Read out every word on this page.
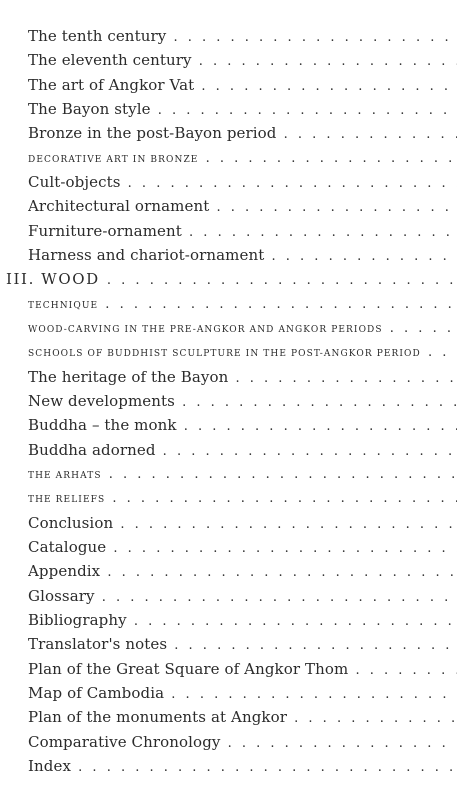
The tenth century . . .
The eleventh century . . .
The art of Angkor Vat . . .
The Bayon style . . .
Bronze in the post-Bayon period . . .
DECORATIVE ART IN BRONZE . . .
Cult-objects . . .
Architectural ornament . . .
Furniture-ornament . . .
Harness and chariot-ornament . . .
III. WOOD . . .
TECHNIQUE . . .
WOOD-CARVING IN THE PRE-ANGKOR AND ANGKOR PERIODS . . .
SCHOOLS OF BUDDHIST SCULPTURE IN THE POST-ANGKOR PERIOD . . .
The heritage of the Bayon . . .
New developments . . .
Buddha – the monk . . .
Buddha adorned . . .
THE ARHATS . . .
THE RELIEFS . . .
Conclusion . . .
Catalogue . . .
Appendix . . .
Glossary . . .
Bibliography . . .
Translator's notes . . .
Plan of the Great Square of Angkor Thom . . .
Map of Cambodia . . .
Plan of the monuments at Angkor . . .
Comparative Chronology . . .
Index . . .
